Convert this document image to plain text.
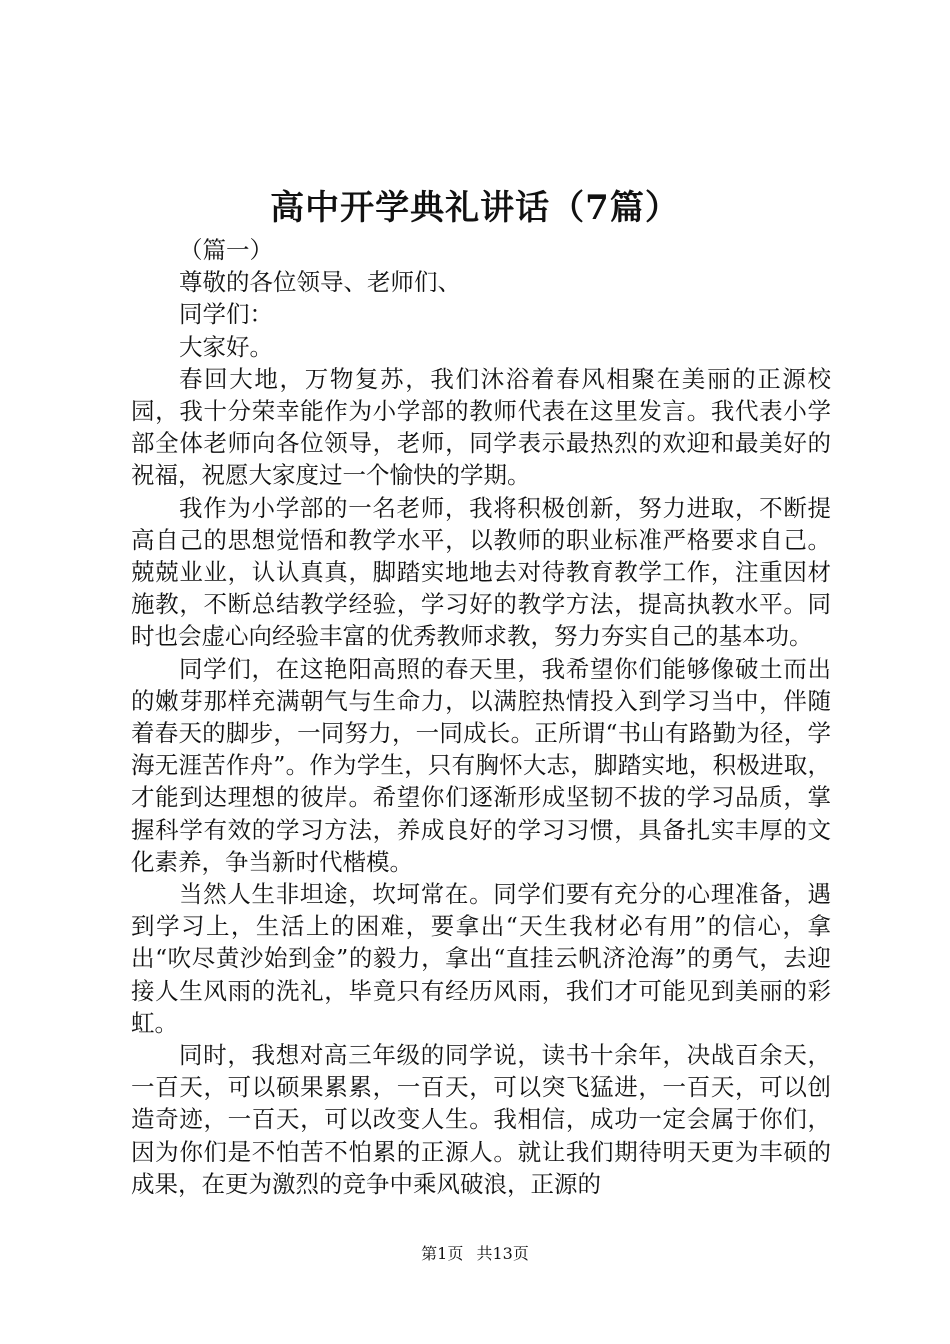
高中开学典礼讲话（7篇）

（篇一）

尊敬的各位领导、老师们、

同学们：

大家好。

春回大地，万物复苏，我们沐浴着春风相聚在美丽的正源校园，我十分荣幸能作为小学部的教师代表在这里发言。我代表小学部全体老师向各位领导，老师，同学表示最热烈的欢迎和最美好的祝福，祝愿大家度过一个愉快的学期。

我作为小学部的一名老师，我将积极创新，努力进取，不断提高自己的思想觉悟和教学水平，以教师的职业标准严格要求自己。兢兢业业，认认真真，脚踏实地地去对待教育教学工作，注重因材施教，不断总结教学经验，学习好的教学方法，提高执教水平。同时也会虚心向经验丰富的优秀教师求教，努力夯实自己的基本功。

同学们，在这艳阳高照的春天里，我希望你们能够像破土而出的嫩芽那样充满朝气与生命力，以满腔热情投入到学习当中，伴随着春天的脚步，一同努力，一同成长。正所谓“书山有路勤为径，学海无涯苦作舟”。作为学生，只有胸怀大志，脚踏实地，积极进取，才能到达理想的彼岸。希望你们逐渐形成坚韧不拔的学习品质，掌握科学有效的学习方法，养成良好的学习习惯，具备扎实丰厚的文化素养，争当新时代楷模。

当然人生非坦途，坎坷常在。同学们要有充分的心理准备，遇到学习上，生活上的困难，要拿出“天生我材必有用”的信心，拿出“吹尽黄沙始到金”的毅力，拿出“直挂云帆济沧海”的勇气，去迎接人生风雨的洗礼，毕竟只有经历风雨，我们才可能见到美丽的彩虹。

同时，我想对高三年级的同学说，读书十余年，决战百余天，一百天，可以硕果累累，一百天，可以突飞猛进，一百天，可以创造奇迹，一百天，可以改变人生。我相信，成功一定会属于你们，因为你们是不怕苦不怕累的正源人。就让我们期待明天更为丰硕的成果，在更为激烈的竞争中乘风破浪，正源的

第1页 共13页
